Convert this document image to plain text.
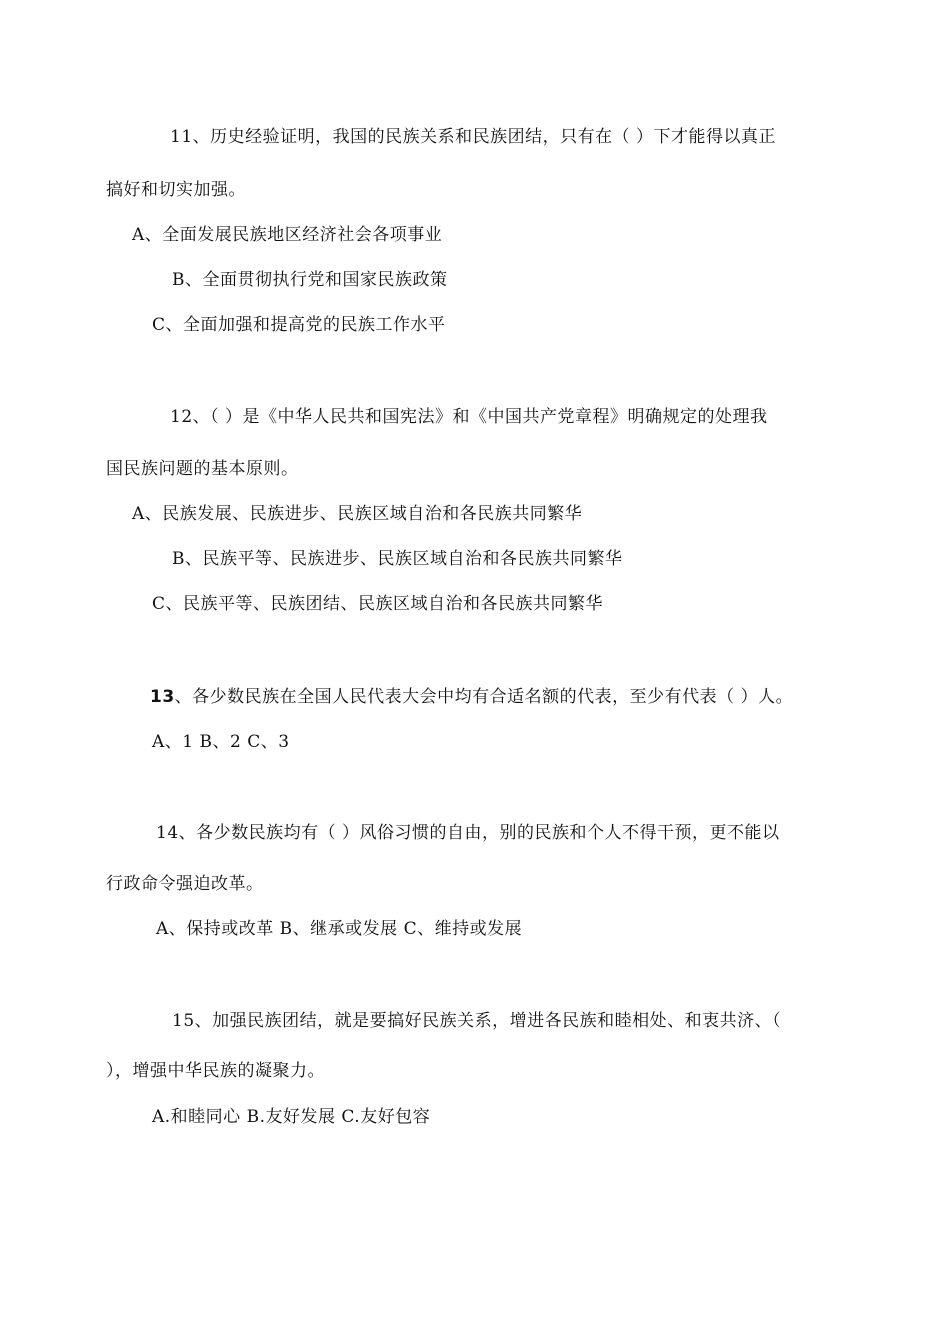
11、历史经验证明，我国的民族关系和民族团结，只有在（ ）下才能得以真正
搞好和切实加强。
A、全面发展民族地区经济社会各项事业
B、全面贯彻执行党和国家民族政策
C、全面加强和提高党的民族工作水平
12、（ ）是《中华人民共和国宪法》和《中国共产党章程》明确规定的处理我
国民族问题的基本原则。
A、民族发展、民族进步、民族区域自治和各民族共同繁华
B、民族平等、民族进步、民族区域自治和各民族共同繁华
C、民族平等、民族团结、民族区域自治和各民族共同繁华
13、各少数民族在全国人民代表大会中均有合适名额的代表，至少有代表（ ）人。
A、1 B、2 C、3
14、各少数民族均有（ ）风俗习惯的自由，别的民族和个人不得干预，更不能以
行政命令强迫改革。
A、保持或改革 B、继承或发展 C、维持或发展
15、加强民族团结，就是要搞好民族关系，增进各民族和睦相处、和衷共济、（
），增强中华民族的凝聚力。
A.和睦同心 B.友好发展 C.友好包容
